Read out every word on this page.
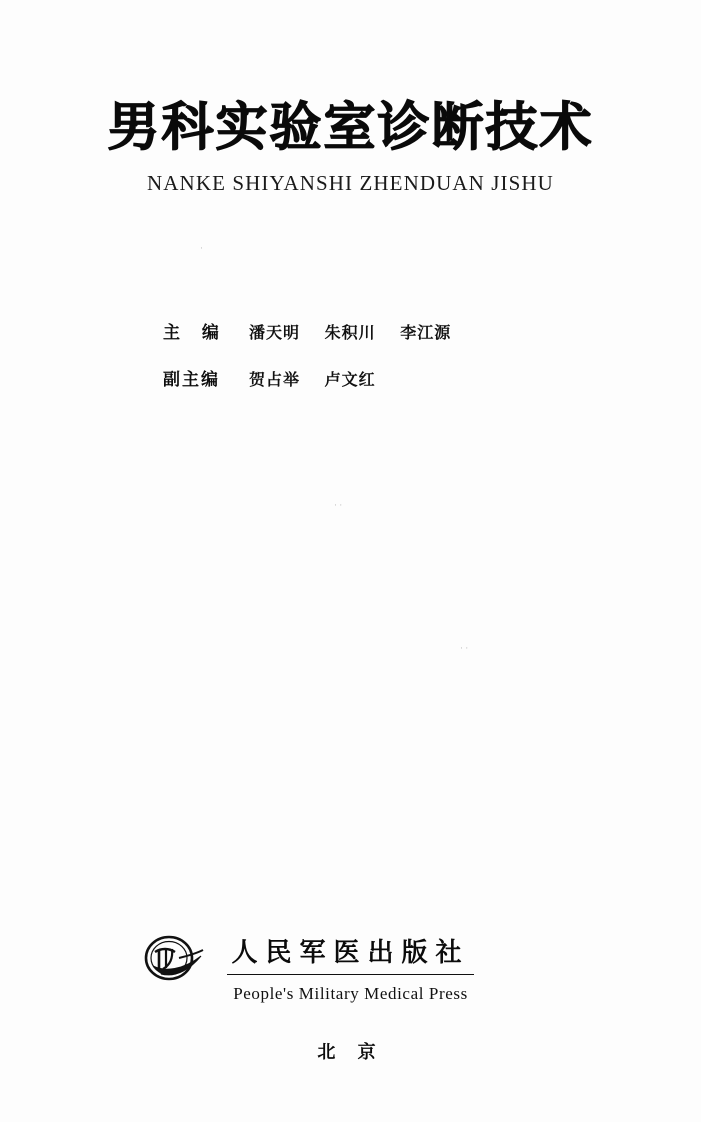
男科实验室诊断技术
NANKE SHIYANSHI ZHENDUAN JISHU
主 编	潘天明 朱积川 李江源
副主编	贺占举 卢文红
·
· ·
· ·
人民军医出版社
People's Military Medical Press
北 京
